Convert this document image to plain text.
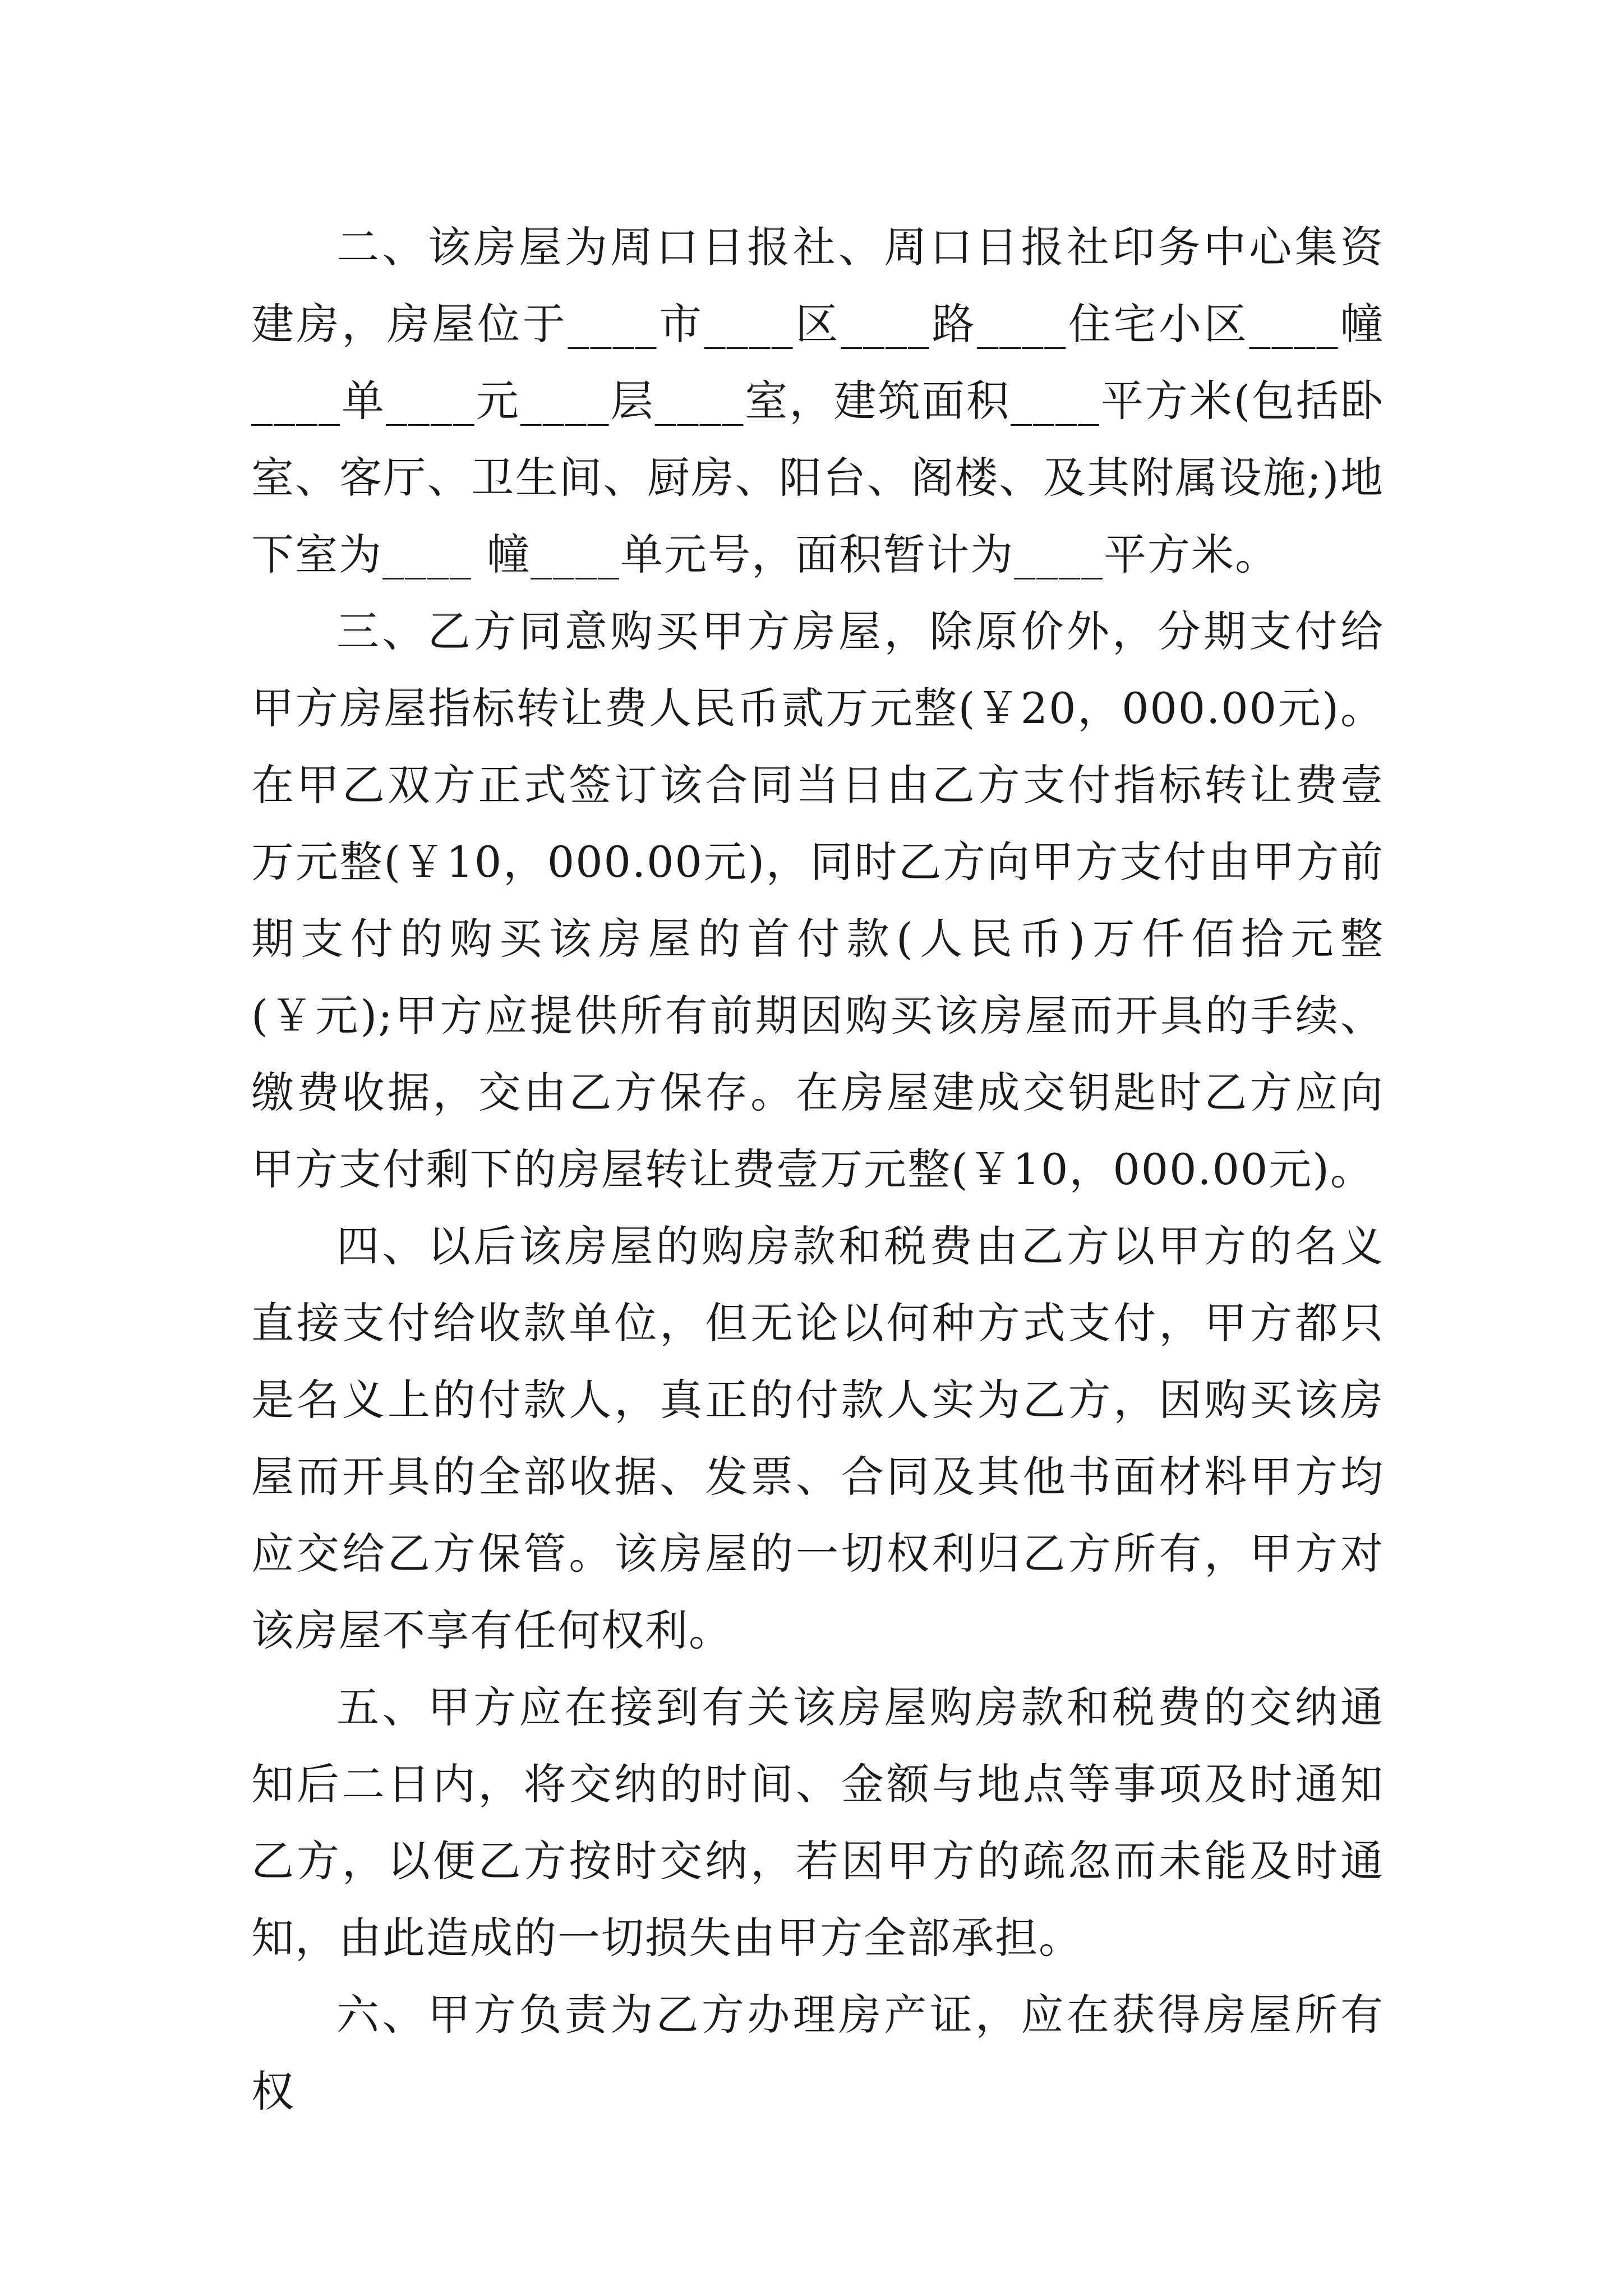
二、该房屋为周口日报社、周口日报社印务中心集资建房，房屋位于____市____区____路____住宅小区____幢____单____元____层____室，建筑面积____平方米(包括卧室、客厅、卫生间、厨房、阳台、阁楼、及其附属设施;)地下室为____ 幢____单元号，面积暂计为____平方米。

三、乙方同意购买甲方房屋，除原价外，分期支付给甲方房屋指标转让费人民币贰万元整(￥20，000.00元)。在甲乙双方正式签订该合同当日由乙方支付指标转让费壹万元整(￥10，000.00元)，同时乙方向甲方支付由甲方前期支付的购买该房屋的首付款(人民币)万仟佰拾元整(￥元);甲方应提供所有前期因购买该房屋而开具的手续、缴费收据，交由乙方保存。在房屋建成交钥匙时乙方应向甲方支付剩下的房屋转让费壹万元整(￥10，000.00元)。

四、以后该房屋的购房款和税费由乙方以甲方的名义直接支付给收款单位，但无论以何种方式支付，甲方都只是名义上的付款人，真正的付款人实为乙方，因购买该房屋而开具的全部收据、发票、合同及其他书面材料甲方均应交给乙方保管。该房屋的一切权利归乙方所有，甲方对该房屋不享有任何权利。

五、甲方应在接到有关该房屋购房款和税费的交纳通知后二日内，将交纳的时间、金额与地点等事项及时通知乙方，以便乙方按时交纳，若因甲方的疏忽而未能及时通知，由此造成的一切损失由甲方全部承担。

六、甲方负责为乙方办理房产证，应在获得房屋所有权
